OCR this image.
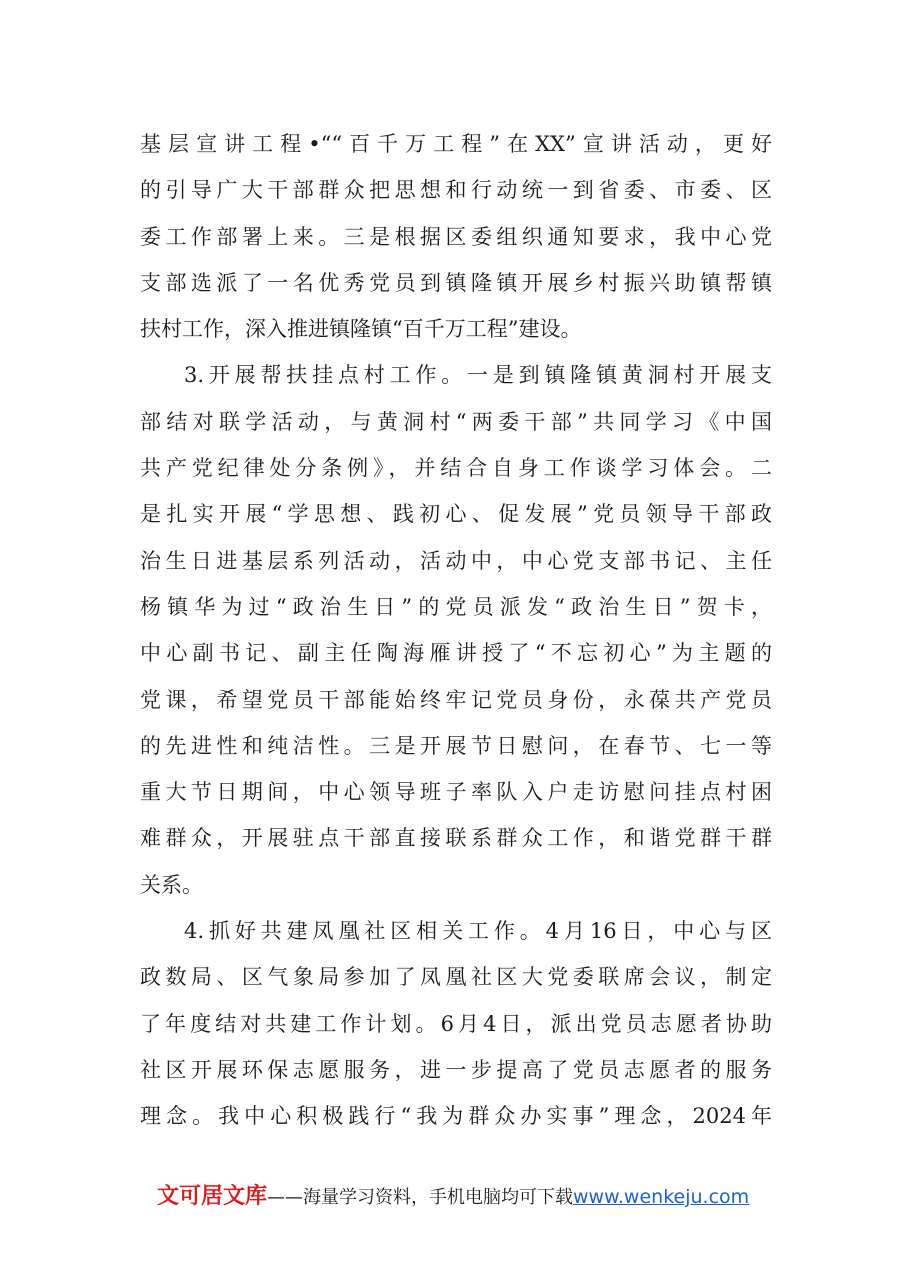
基层宣讲工程•““百千万工程”在XX”宣讲活动，更好
的引导广大干部群众把思想和行动统一到省委、市委、区
委工作部署上来。三是根据区委组织通知要求，我中心党
支部选派了一名优秀党员到镇隆镇开展乡村振兴助镇帮镇
扶村工作，深入推进镇隆镇“百千万工程”建设。
3.开展帮扶挂点村工作。一是到镇隆镇黄洞村开展支
部结对联学活动，与黄洞村“两委干部”共同学习《中国
共产党纪律处分条例》，并结合自身工作谈学习体会。二
是扎实开展“学思想、践初心、促发展”党员领导干部政
治生日进基层系列活动，活动中，中心党支部书记、主任
杨镇华为过“政治生日”的党员派发“政治生日”贺卡，
中心副书记、副主任陶海雁讲授了“不忘初心”为主题的
党课，希望党员干部能始终牢记党员身份，永葆共产党员
的先进性和纯洁性。三是开展节日慰问，在春节、七一等
重大节日期间，中心领导班子率队入户走访慰问挂点村困
难群众，开展驻点干部直接联系群众工作，和谐党群干群
关系。
4.抓好共建凤凰社区相关工作。4月16日，中心与区
政数局、区气象局参加了凤凰社区大党委联席会议，制定
了年度结对共建工作计划。6月4日，派出党员志愿者协助
社区开展环保志愿服务，进一步提高了党员志愿者的服务
理念。我中心积极践行“我为群众办实事”理念，2024年
文可居文库——海量学习资料，手机电脑均可下载www.wenkeju.com
